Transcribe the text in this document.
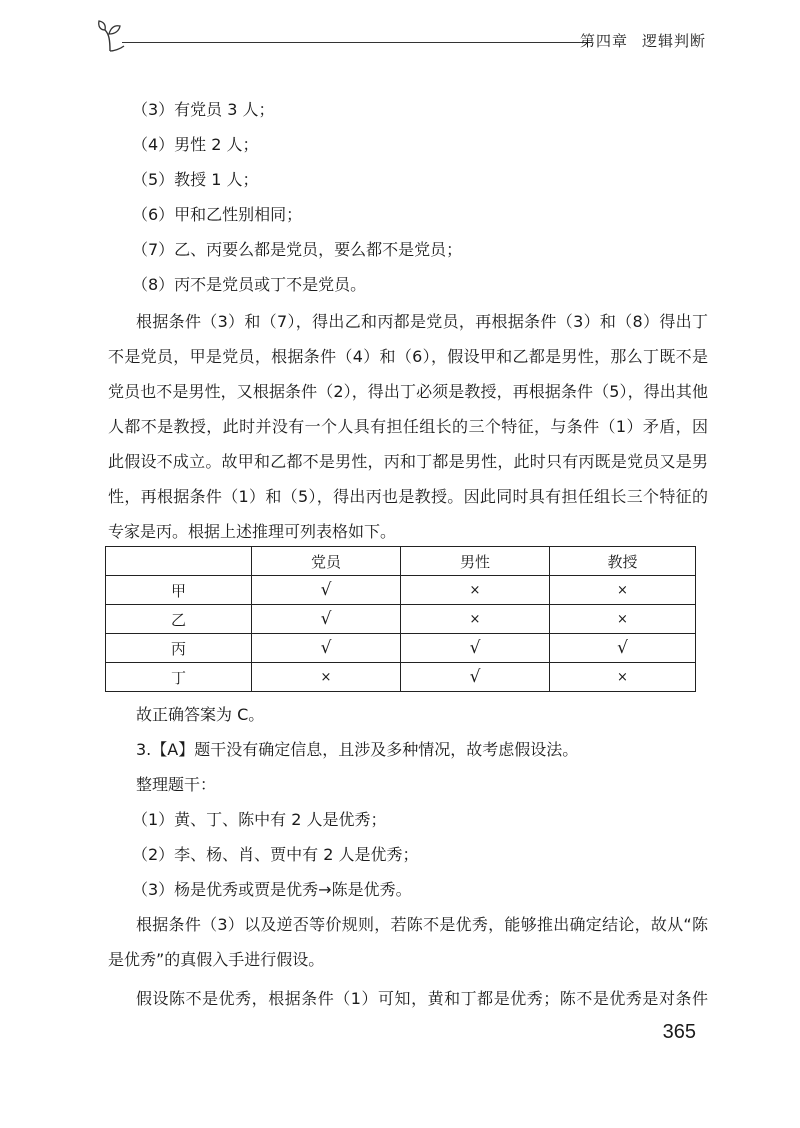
第四章 逻辑判断
（3）有党员 3 人；
（4）男性 2 人；
（5）教授 1 人；
（6）甲和乙性别相同；
（7）乙、丙要么都是党员，要么都不是党员；
（8）丙不是党员或丁不是党员。
根据条件（3）和（7），得出乙和丙都是党员，再根据条件（3）和（8）得出丁
不是党员，甲是党员，根据条件（4）和（6），假设甲和乙都是男性，那么丁既不是
党员也不是男性，又根据条件（2），得出丁必须是教授，再根据条件（5），得出其他
人都不是教授，此时并没有一个人具有担任组长的三个特征，与条件（1）矛盾，因
此假设不成立。故甲和乙都不是男性，丙和丁都是男性，此时只有丙既是党员又是男
性，再根据条件（1）和（5），得出丙也是教授。因此同时具有担任组长三个特征的
专家是丙。根据上述推理可列表格如下。
	党员	男性	教授
甲	√	×	×
乙	√	×	×
丙	√	√	√
丁	×	√	×
故正确答案为 C。
3.【A】题干没有确定信息，且涉及多种情况，故考虑假设法。
整理题干：
（1）黄、丁、陈中有 2 人是优秀；
（2）李、杨、肖、贾中有 2 人是优秀；
（3）杨是优秀或贾是优秀→陈是优秀。
根据条件（3）以及逆否等价规则，若陈不是优秀，能够推出确定结论，故从“陈
是优秀”的真假入手进行假设。
假设陈不是优秀，根据条件（1）可知，黄和丁都是优秀；陈不是优秀是对条件
365
